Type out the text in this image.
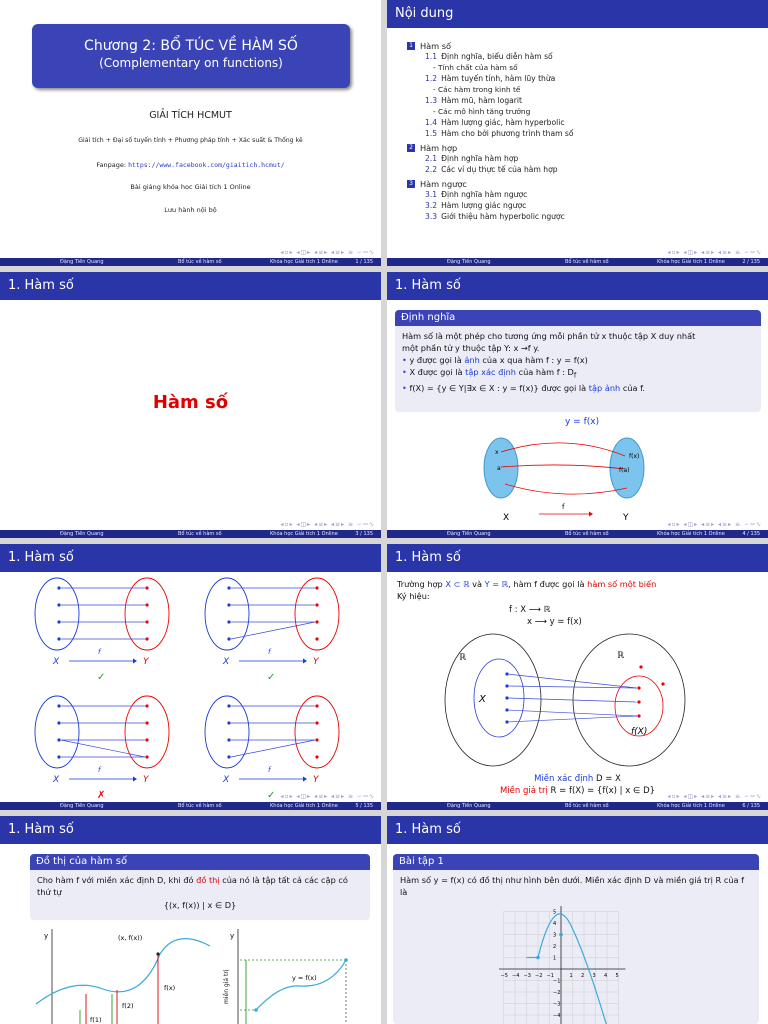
Chương 2: BỔ TÚC VỀ HÀM SỐ
(Complementary on functions)
GIẢI TÍCH HCMUT
Giải tích + Đại số tuyến tính + Phương pháp tính + Xác suất & Thống kê
Fanpage: https://www.facebook.com/giaitich.hcmut/
Bài giảng khóa học Giải tích 1 Online
Lưu hành nội bộ
◂▫▸ ◂◫▸ ◂≡▸ ◂≡▸ ≡ ∽∾∿
Đặng Tiến Quang	Bổ túc về hàm số	Khóa học Giải tích 1 Online	1 / 135
Nội dung
1 Hàm số
1.1 Định nghĩa, biểu diễn hàm số
- Tính chất của hàm số
1.2 Hàm tuyến tính, hàm lũy thừa
- Các hàm trong kinh tế
1.3 Hàm mũ, hàm logarit
- Các mô hình tăng trưởng
1.4 Hàm lượng giác, hàm hyperbolic
1.5 Hàm cho bởi phương trình tham số
2 Hàm hợp
2.1 Định nghĩa hàm hợp
2.2 Các ví dụ thực tế của hàm hợp
3 Hàm ngược
3.1 Định nghĩa hàm ngược
3.2 Hàm lượng giác ngược
3.3 Giới thiệu hàm hyperbolic ngược
◂▫▸ ◂◫▸ ◂≡▸ ◂≡▸ ≡ ∽∾∿
Đặng Tiến Quang	Bổ túc về hàm số	Khóa học Giải tích 1 Online	2 / 135
1. Hàm số
Hàm số
◂▫▸ ◂◫▸ ◂≡▸ ◂≡▸ ≡ ∽∾∿
Đặng Tiến Quang	Bổ túc về hàm số	Khóa học Giải tích 1 Online	3 / 135
1. Hàm số
Định nghĩa
Hàm số là một phép cho tương ứng mỗi phần tử x thuộc tập X duy nhất
một phần tử y thuộc tập Y: x →f y.
• y được gọi là ảnh của x qua hàm f : y = f(x)
• X được gọi là tập xác định của hàm f : $D_f$
• f(X) = {y ∈ Y|∃x ∈ X : y = f(x)} được gọi là tập ảnh của f.
y = f(x)
x
a
f(x)
f(a)
X	Y
f
◂▫▸ ◂◫▸ ◂≡▸ ◂≡▸ ≡ ∽∾∿
Đặng Tiến Quang	Bổ túc về hàm số	Khóa học Giải tích 1 Online	4 / 135
1. Hàm số
X	Y
f
✓
X	Y
f
✓
X	Y
f
✗
X	Y
f
✓ ◂▫▸ ◂◫▸ ◂≡▸ ◂≡▸ ≡ ∽∾∿
Đặng Tiến Quang	Bổ túc về hàm số	Khóa học Giải tích 1 Online	5 / 135
1. Hàm số
Trường hợp X ⊂ ℝ và Y = ℝ, hàm f được gọi là hàm số một biến
Ký hiệu:
f : X ⟶ ℝ
x ⟶ y = f(x)
ℝ	ℝ
X
f(X)
Miền xác định D = X
Miền giá trị R = f(X) = {f(x) | x ∈ D}
◂▫▸ ◂◫▸ ◂≡▸ ◂≡▸ ≡ ∽∾∿
Đặng Tiến Quang	Bổ túc về hàm số	Khóa học Giải tích 1 Online	6 / 135
1. Hàm số
Đồ thị của hàm số
Cho hàm f với miền xác định D, khi đó đồ thị của nó là tập tất cả các cặp có thứ tự
{(x, f(x)) | x ∈ D}
y	(x, f(x))
f(x)
f(2)
f(1)
y
miền giá trị	y = f(x)
1. Hàm số
Bài tập 1
Hàm số y = f(x) có đồ thị như hình bên dưới. Miền xác định D và miền giá trị R của f là
−5 −4 −3 −2 −1	1 2 3 4 5
5
4
3
2
1
−1
−2
−3
−4
